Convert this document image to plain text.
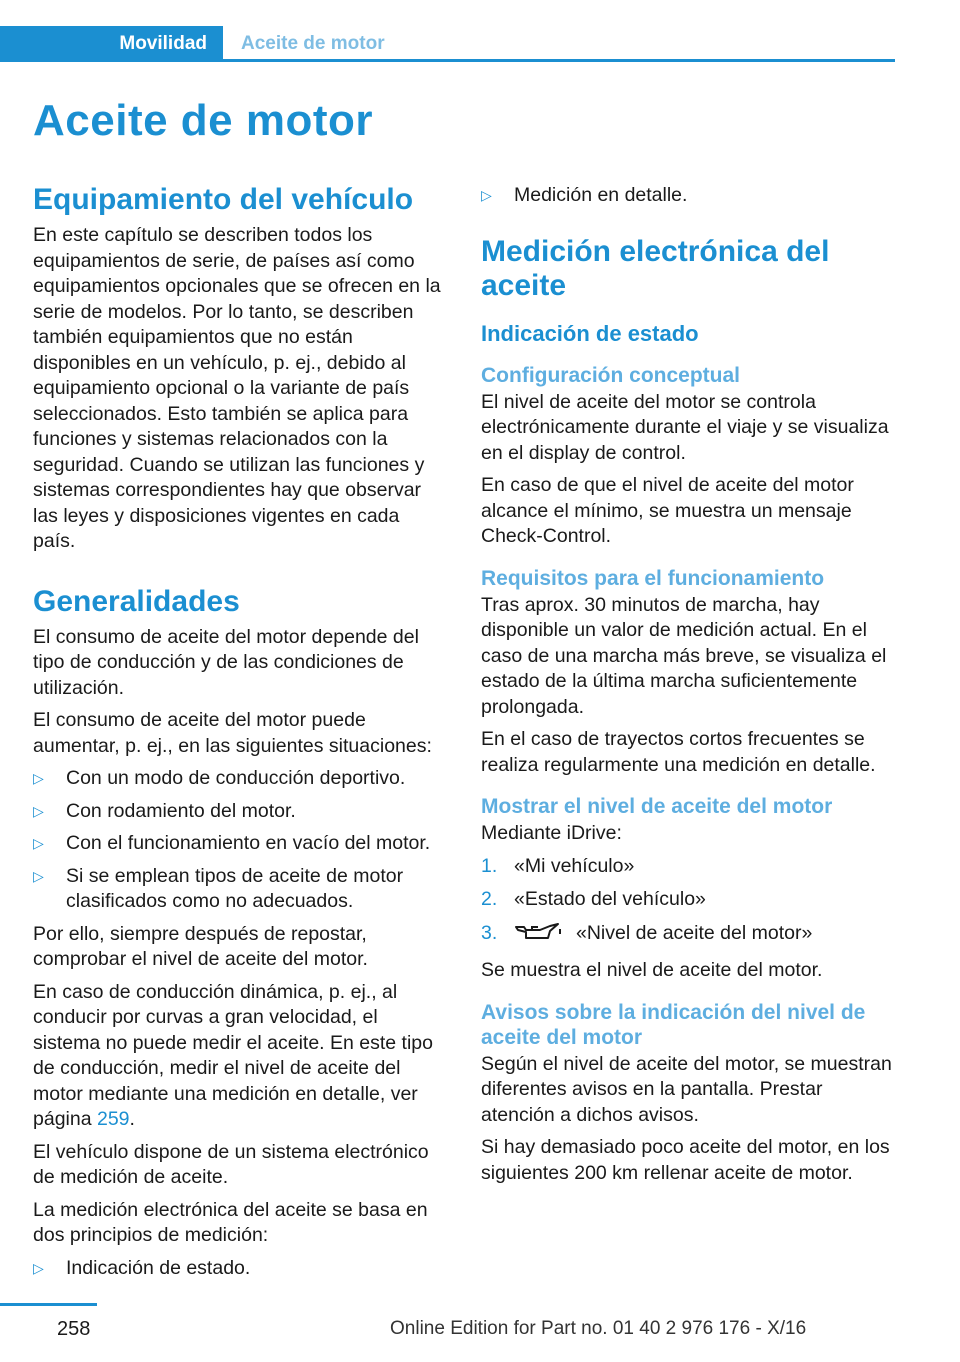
Movilidad	Aceite de motor
Aceite de motor
Equipamiento del vehículo

En este capítulo se describen todos los equipamientos de serie, de países así como equipamientos opcionales que se ofrecen en la serie de modelos. Por lo tanto, se describen también equipamientos que no están disponibles en un vehículo, p. ej., debido al equipamiento opcional o la variante de país seleccionados. Esto también se aplica para funciones y sistemas relacionados con la seguridad. Cuando se utilizan las funciones y sistemas correspondientes hay que observar las leyes y disposiciones vigentes en cada país.

Generalidades

El consumo de aceite del motor depende del tipo de conducción y de las condiciones de utilización.

El consumo de aceite del motor puede aumentar, p. ej., en las siguientes situaciones:

▷	Con un modo de conducción deportivo.
▷	Con rodamiento del motor.
▷	Con el funcionamiento en vacío del motor.
▷	Si se emplean tipos de aceite de motor clasificados como no adecuados.

Por ello, siempre después de repostar, comprobar el nivel de aceite del motor.

En caso de conducción dinámica, p. ej., al conducir por curvas a gran velocidad, el sistema no puede medir el aceite. En este tipo de conducción, medir el nivel de aceite del motor mediante una medición en detalle, ver página 259.

El vehículo dispone de un sistema electrónico de medición de aceite.

La medición electrónica del aceite se basa en dos principios de medición:

▷	Indicación de estado.
▷	Medición en detalle.
Medición electrónica del aceite
Indicación de estado
Configuración conceptual

El nivel de aceite del motor se controla electrónicamente durante el viaje y se visualiza en el display de control.

En caso de que el nivel de aceite del motor alcance el mínimo, se muestra un mensaje Check-Control.

Requisitos para el funcionamiento

Tras aprox. 30 minutos de marcha, hay disponible un valor de medición actual. En el caso de una marcha más breve, se visualiza el estado de la última marcha suficientemente prolongada.

En el caso de trayectos cortos frecuentes se realiza regularmente una medición en detalle.

Mostrar el nivel de aceite del motor

Mediante iDrive:

1. «Mi vehículo»
2. «Estado del vehículo»
3.	«Nivel de aceite del motor»

Se muestra el nivel de aceite del motor.

Avisos sobre la indicación del nivel de aceite del motor

Según el nivel de aceite del motor, se muestran diferentes avisos en la pantalla. Prestar atención a dichos avisos.

Si hay demasiado poco aceite del motor, en los siguientes 200 km rellenar aceite de motor.

258	Online Edition for Part no. 01 40 2 976 176 - X/16
